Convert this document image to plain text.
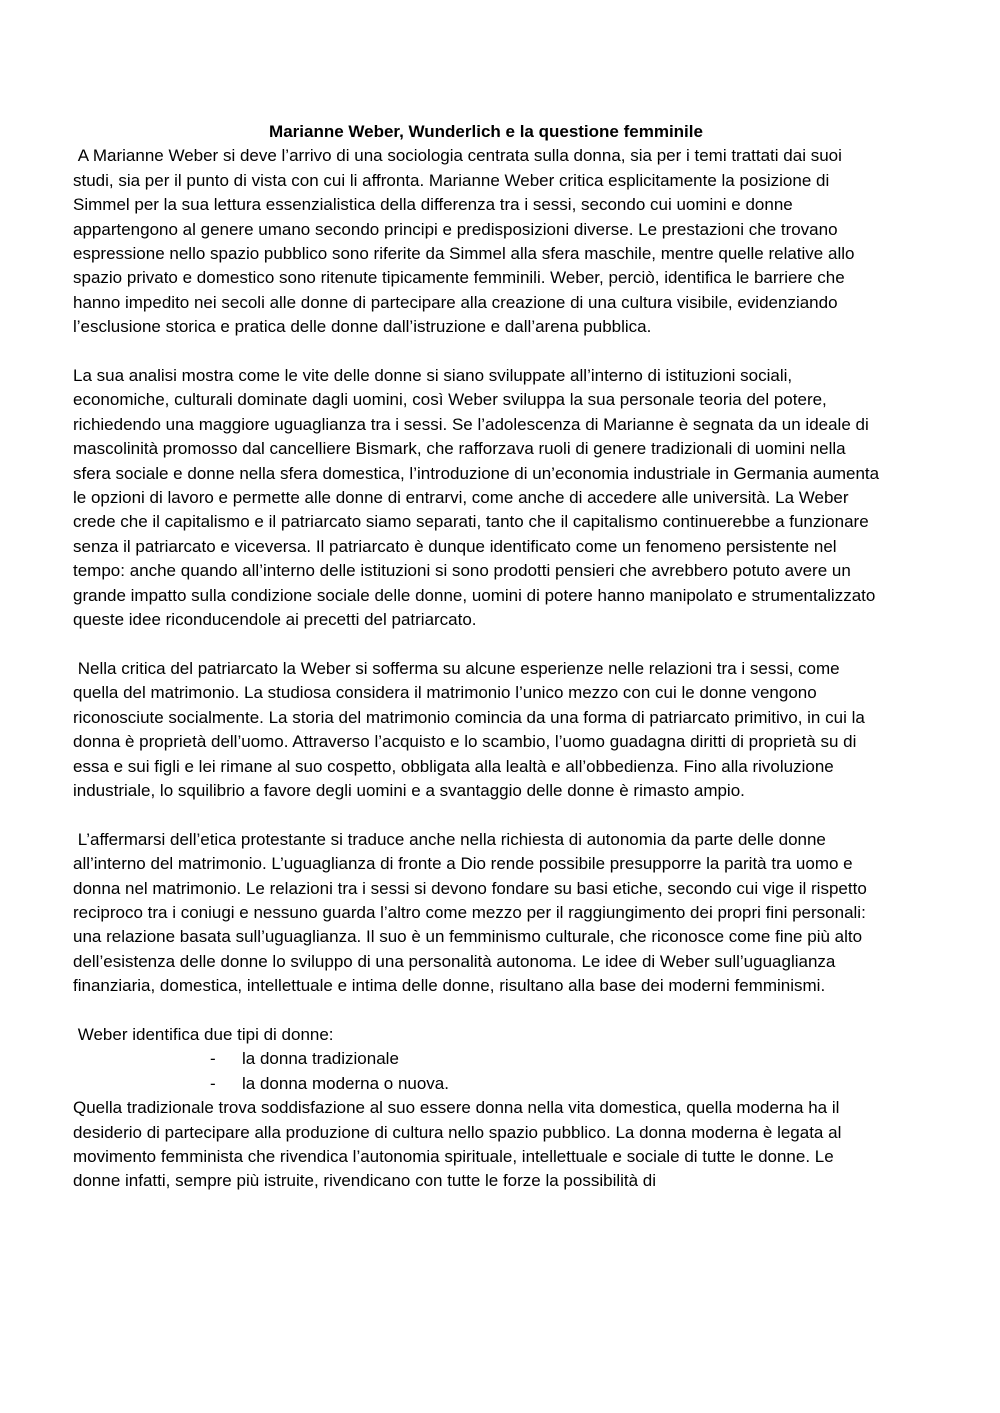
Marianne Weber, Wunderlich e la questione femminile

A Marianne Weber si deve l’arrivo di una sociologia centrata sulla donna, sia per i temi trattati dai suoi studi, sia per il punto di vista con cui li affronta. Marianne Weber critica esplicitamente la posizione di Simmel per la sua lettura essenzialistica della differenza tra i sessi, secondo cui uomini e donne appartengono al genere umano secondo principi e predisposizioni diverse. Le prestazioni che trovano espressione nello spazio pubblico sono riferite da Simmel alla sfera maschile, mentre quelle relative allo spazio privato e domestico sono ritenute tipicamente femminili. Weber, perciò, identifica le barriere che hanno impedito nei secoli alle donne di partecipare alla creazione di una cultura visibile, evidenziando l’esclusione storica e pratica delle donne dall’istruzione e dall’arena pubblica.

La sua analisi mostra come le vite delle donne si siano sviluppate all’interno di istituzioni sociali, economiche, culturali dominate dagli uomini, così Weber sviluppa la sua personale teoria del potere, richiedendo una maggiore uguaglianza tra i sessi. Se l’adolescenza di Marianne è segnata da un ideale di mascolinità promosso dal cancelliere Bismark, che rafforzava ruoli di genere tradizionali di uomini nella sfera sociale e donne nella sfera domestica, l’introduzione di un’economia industriale in Germania aumenta le opzioni di lavoro e permette alle donne di entrarvi, come anche di accedere alle università. La Weber crede che il capitalismo e il patriarcato siamo separati, tanto che il capitalismo continuerebbe a funzionare senza il patriarcato e viceversa. Il patriarcato è dunque identificato come un fenomeno persistente nel tempo: anche quando all’interno delle istituzioni si sono prodotti pensieri che avrebbero potuto avere un grande impatto sulla condizione sociale delle donne, uomini di potere hanno manipolato e strumentalizzato queste idee riconducendole ai precetti del patriarcato.

Nella critica del patriarcato la Weber si sofferma su alcune esperienze nelle relazioni tra i sessi, come quella del matrimonio. La studiosa considera il matrimonio l’unico mezzo con cui le donne vengono riconosciute socialmente. La storia del matrimonio comincia da una forma di patriarcato primitivo, in cui la donna è proprietà dell’uomo. Attraverso l’acquisto e lo scambio, l’uomo guadagna diritti di proprietà su di essa e sui figli e lei rimane al suo cospetto, obbligata alla lealtà e all’obbedienza. Fino alla rivoluzione industriale, lo squilibrio a favore degli uomini e a svantaggio delle donne è rimasto ampio.

L’affermarsi dell’etica protestante si traduce anche nella richiesta di autonomia da parte delle donne all’interno del matrimonio. L’uguaglianza di fronte a Dio rende possibile presupporre la parità tra uomo e donna nel matrimonio. Le relazioni tra i sessi si devono fondare su basi etiche, secondo cui vige il rispetto reciproco tra i coniugi e nessuno guarda l’altro come mezzo per il raggiungimento dei propri fini personali: una relazione basata sull’uguaglianza. Il suo è un femminismo culturale, che riconosce come fine più alto dell’esistenza delle donne lo sviluppo di una personalità autonoma. Le idee di Weber sull’uguaglianza finanziaria, domestica, intellettuale e intima delle donne, risultano alla base dei moderni femminismi.

Weber identifica due tipi di donne:

- la donna tradizionale
- la donna moderna o nuova.

Quella tradizionale trova soddisfazione al suo essere donna nella vita domestica, quella moderna ha il desiderio di partecipare alla produzione di cultura nello spazio pubblico. La donna moderna è legata al movimento femminista che rivendica l’autonomia spirituale, intellettuale e sociale di tutte le donne. Le donne infatti, sempre più istruite, rivendicano con tutte le forze la possibilità di
